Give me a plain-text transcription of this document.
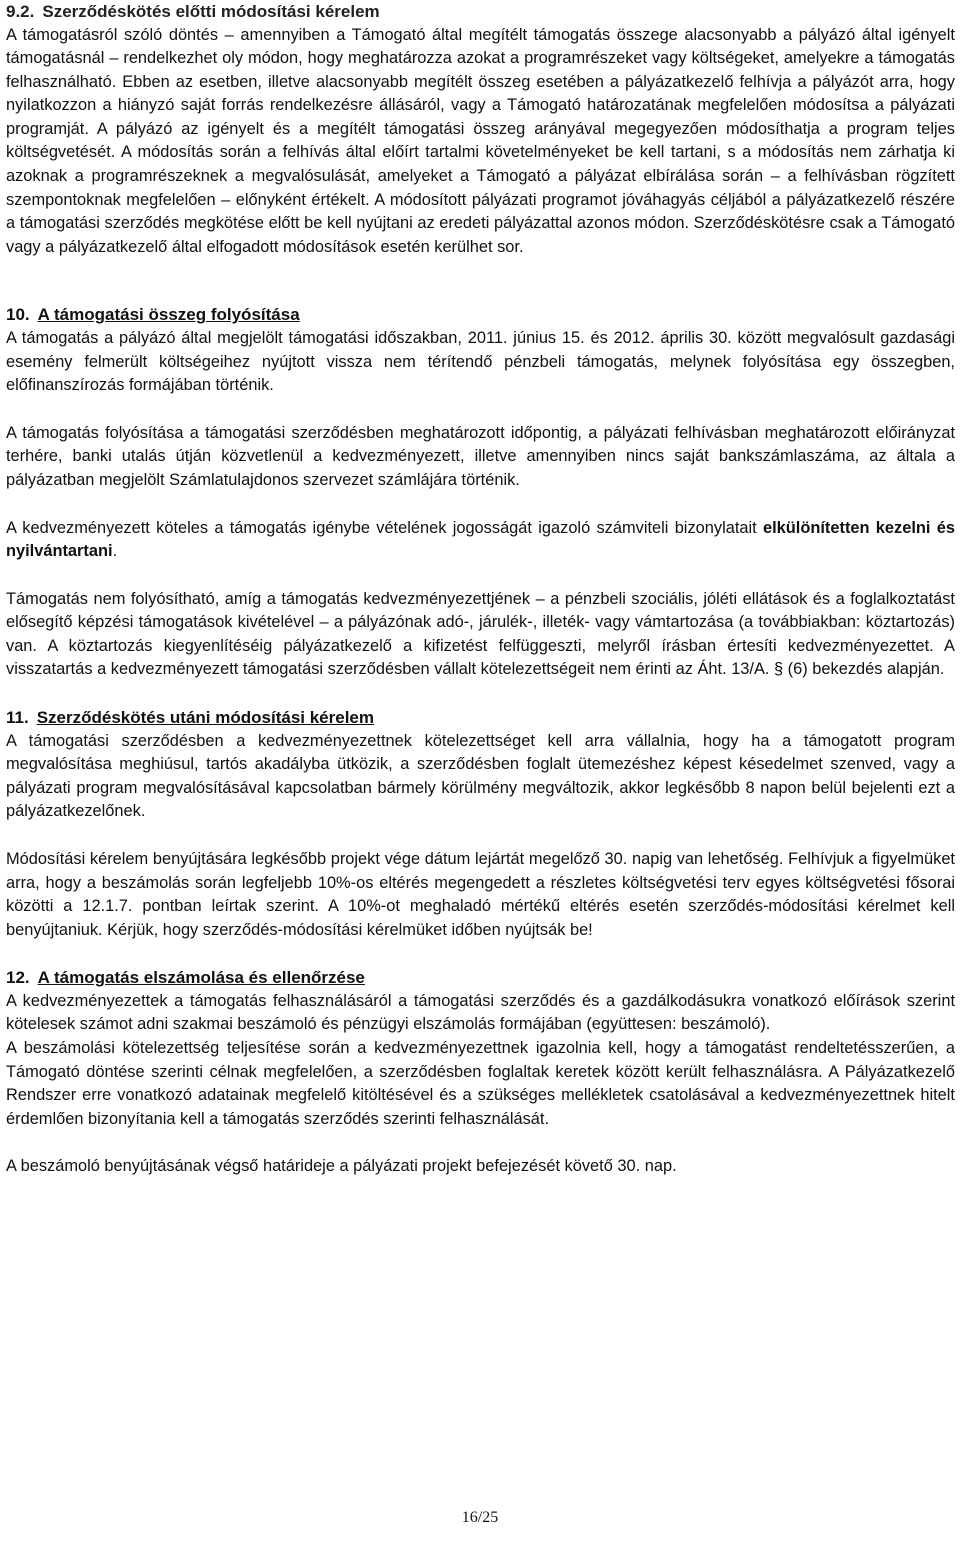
9.2. Szerződéskötés előtti módosítási kérelem

A támogatásról szóló döntés – amennyiben a Támogató által megítélt támogatás összege alacsonyabb a pályázó által igényelt támogatásnál – rendelkezhet oly módon, hogy meghatározza azokat a programrészeket vagy költségeket, amelyekre a támogatás felhasználható. Ebben az esetben, illetve alacsonyabb megítélt összeg esetében a pályázatkezelő felhívja a pályázót arra, hogy nyilatkozzon a hiányzó saját forrás rendelkezésre állásáról, vagy a Támogató határozatának megfelelően módosítsa a pályázati programját. A pályázó az igényelt és a megítélt támogatási összeg arányával megegyezően módosíthatja a program teljes költségvetését. A módosítás során a felhívás által előírt tartalmi követelményeket be kell tartani, s a módosítás nem zárhatja ki azoknak a programrészeknek a megvalósulását, amelyeket a Támogató a pályázat elbírálása során – a felhívásban rögzített szempontoknak megfelelően – előnyként értékelt. A módosított pályázati programot jóváhagyás céljából a pályázatkezelő részére a támogatási szerződés megkötése előtt be kell nyújtani az eredeti pályázattal azonos módon. Szerződéskötésre csak a Támogató vagy a pályázatkezelő által elfogadott módosítások esetén kerülhet sor.

10. A támogatási összeg folyósítása

A támogatás a pályázó által megjelölt támogatási időszakban, 2011. június 15. és 2012. április 30. között megvalósult gazdasági esemény felmerült költségeihez nyújtott vissza nem térítendő pénzbeli támogatás, melynek folyósítása egy összegben, előfinanszírozás formájában történik.

A támogatás folyósítása a támogatási szerződésben meghatározott időpontig, a pályázati felhívásban meghatározott előirányzat terhére, banki utalás útján közvetlenül a kedvezményezett, illetve amennyiben nincs saját bankszámlaszáma, az általa a pályázatban megjelölt Számlatulajdonos szervezet számlájára történik.

A kedvezményezett köteles a támogatás igénybe vételének jogosságát igazoló számviteli bizonylatait elkülönítetten kezelni és nyilvántartani.

Támogatás nem folyósítható, amíg a támogatás kedvezményezettjének – a pénzbeli szociális, jóléti ellátások és a foglalkoztatást elősegítő képzési támogatások kivételével – a pályázónak adó-, járulék-, illeték- vagy vámtartozása (a továbbiakban: köztartozás) van. A köztartozás kiegyenlítéséig pályázatkezelő a kifizetést felfüggeszti, melyről írásban értesíti kedvezményezettet. A visszatartás a kedvezményezett támogatási szerződésben vállalt kötelezettségeit nem érinti az Áht. 13/A. § (6) bekezdés alapján.

11. Szerződéskötés utáni módosítási kérelem

A támogatási szerződésben a kedvezményezettnek kötelezettséget kell arra vállalnia, hogy ha a támogatott program megvalósítása meghiúsul, tartós akadályba ütközik, a szerződésben foglalt ütemezéshez képest késedelmet szenved, vagy a pályázati program megvalósításával kapcsolatban bármely körülmény megváltozik, akkor legkésőbb 8 napon belül bejelenti ezt a pályázatkezelőnek.

Módosítási kérelem benyújtására legkésőbb projekt vége dátum lejártát megelőző 30. napig van lehetőség. Felhívjuk a figyelmüket arra, hogy a beszámolás során legfeljebb 10%-os eltérés megengedett a részletes költségvetési terv egyes költségvetési fősorai közötti a 12.1.7. pontban leírtak szerint. A 10%-ot meghaladó mértékű eltérés esetén szerződés-módosítási kérelmet kell benyújtaniuk. Kérjük, hogy szerződés-módosítási kérelmüket időben nyújtsák be!

12. A támogatás elszámolása és ellenőrzése

A kedvezményezettek a támogatás felhasználásáról a támogatási szerződés és a gazdálkodásukra vonatkozó előírások szerint kötelesek számot adni szakmai beszámoló és pénzügyi elszámolás formájában (együttesen: beszámoló).

A beszámolási kötelezettség teljesítése során a kedvezményezettnek igazolnia kell, hogy a támogatást rendeltetésszerűen, a Támogató döntése szerinti célnak megfelelően, a szerződésben foglaltak keretek között került felhasználásra. A Pályázatkezelő Rendszer erre vonatkozó adatainak megfelelő kitöltésével és a szükséges mellékletek csatolásával a kedvezményezettnek hitelt érdemlően bizonyítania kell a támogatás szerződés szerinti felhasználását.

A beszámoló benyújtásának végső határideje a pályázati projekt befejezését követő 30. nap.

16/25
